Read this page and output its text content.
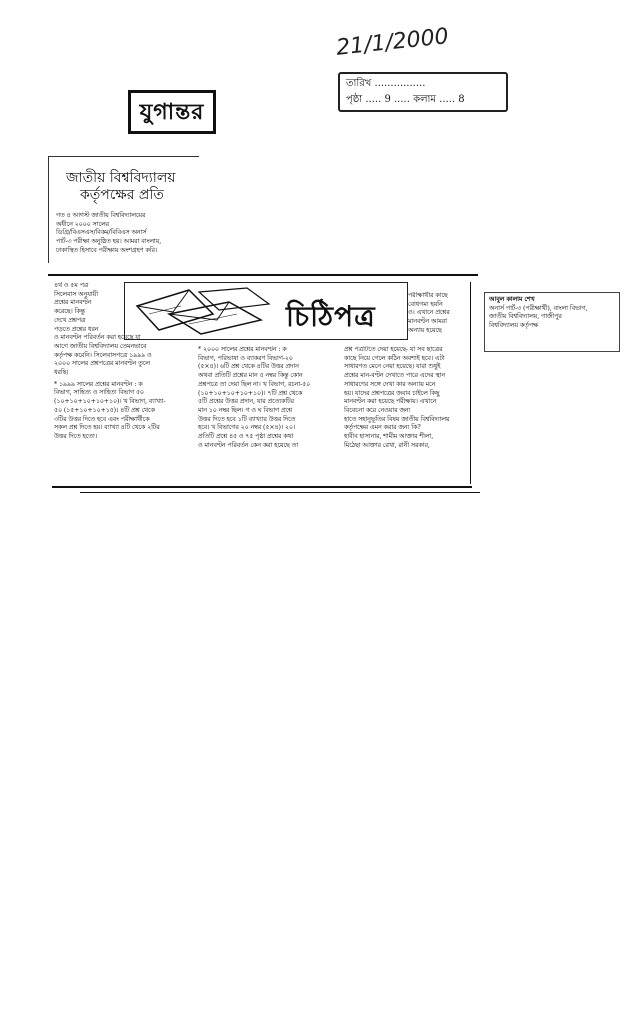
21/1/2000
তারিখ ................
পৃষ্ঠা ..... 9 ..... কলাম ..... 8
যুগান্তর
জাতীয় বিশ্ববিদ্যালয়
কর্তৃপক্ষের প্রতি
গত ৪ আগস্ট জাতীয় বিশ্ববিদ্যালয়ের
অধীনে ২০০০ সালের
ডিগ্রি/বিএসএস/বিকম/বিবিএস অনার্স
পার্ট-৩ পরীক্ষা অনুষ্ঠিত হয়। আমরা বাংলায়,
ঢাকাস্থিত হিসাবে পরীক্ষায় অংশগ্রহণ করি।
চিঠিপত্র
আবুল কালাম শেখ
অনার্স পার্ট-৩ (পরীক্ষার্থী), বাংলা বিভাগ,
জাতীয় বিশ্ববিদ্যালয়, গাজীপুর
বিশ্ববিদ্যালয় কর্তৃপক্ষ
৪র্থ ও ৫ম পত্র
সিলেবাস অনুযায়ী
প্রশ্নের মানবণ্টন
করেছে। কিন্তু
দেখে প্রশ্নপত্র
পড়তে প্রশ্নের ধরন
ও মানবণ্টন পরিবর্তন করা হয়েছে যা
আগে জাতীয় বিশ্ববিদ্যালয় তেমনভাবে
কর্তৃপক্ষ করেনি। সিলেবাসপত্রে ১৯৯৯ ও
২০০০ সালের প্রশ্নপত্রের মানবণ্টন তুলে
ধরছি।
* ১৯৯৯ সালের প্রশ্নের মানবণ্টন : ক
বিভাগ, সাহিত্য ও সাহিত্য বিভাগ ৫০
(১০+১০+১০+১০+১০)। খ বিভাগ, ব্যাখ্যা-
৫০ (১৫+১০+১০+১৫)। ৪টি প্রশ্ন থেকে
৩টির উত্তর দিতে হবে এবং পরীক্ষার্থীকে
সকল প্রশ্ন দিতে হয়। ব্যাখ্যা ৪টি থেকে ২টির
উত্তর দিতে হতো।
* ২০০০ সালের প্রশ্নের মানবণ্টন : ক
বিভাগ, পরিভাষা ও ব্যাকরণ বিভাগ-২০
(৫×৪)। ৬টি প্রশ্ন থেকে ৪টির উত্তর প্রদান
অথবা প্রতিটি প্রশ্নের মান ৫ নম্বর কিন্তু কোন
প্রশ্নপত্রে তা দেয়া ছিল না। খ বিভাগ, রচনা-৫০
(১০+১০+১০+১০+১০)। ৭টি প্রশ্ন থেকে
৫টি প্রশ্নের উত্তর প্রদান, যার প্রত্যেকটির
মান ১০ নম্বর ছিল। গ ও ঘ বিভাগ প্রশ্নে
উত্তর দিতে হবে ১টি ব্যাখ্যার উত্তর দিতে
হবে। খ বিভাগের ২০ নম্বর (৫×৪)। ২০।
প্রতিটি প্রশ্নে ৪৫ ও ৭৫ পৃষ্ঠা প্রশ্নের কথা
ও মানবণ্টন পরিবর্তন কেন করা হয়েছে তা
পরীক্ষার্থীর কাছে
বোধগম্য হয়নি
ও। এখানে প্রশ্নের
মানবণ্টন আমরা
অন্যায় হয়েছে
প্রশ্ন পত্রটিতে দেয়া হয়েছে- যা সব ছাত্রের
কাছে নিয়ে গেলে কঠিন অবশ্যই হবে। এটা
সাধারণত মেনে নেয়া হয়েছে। যারা শুধুই
প্রশ্নের মান-বণ্টন দেখাতে পারে এদের স্থান
সাধারণের সঙ্গে দেখা কার অন্যায় মনে
হয়। যাদের প্রশ্নপত্রের জবাব চাইলে কিছু
মানবণ্টন করা হয়েছে পরীক্ষায়। এখানে
বিবেচনা করে নেওয়ার জন্য
হাতে সহানুভূতির বিষয় জাতীয় বিশ্ববিদ্যালয়
কর্তৃপক্ষের এমন করার জন্য কি?
হাবীব হাসানার, শামীম আক্তার শীলা,
মিঠেছা আক্তার রেখা, রানী সরকার,
